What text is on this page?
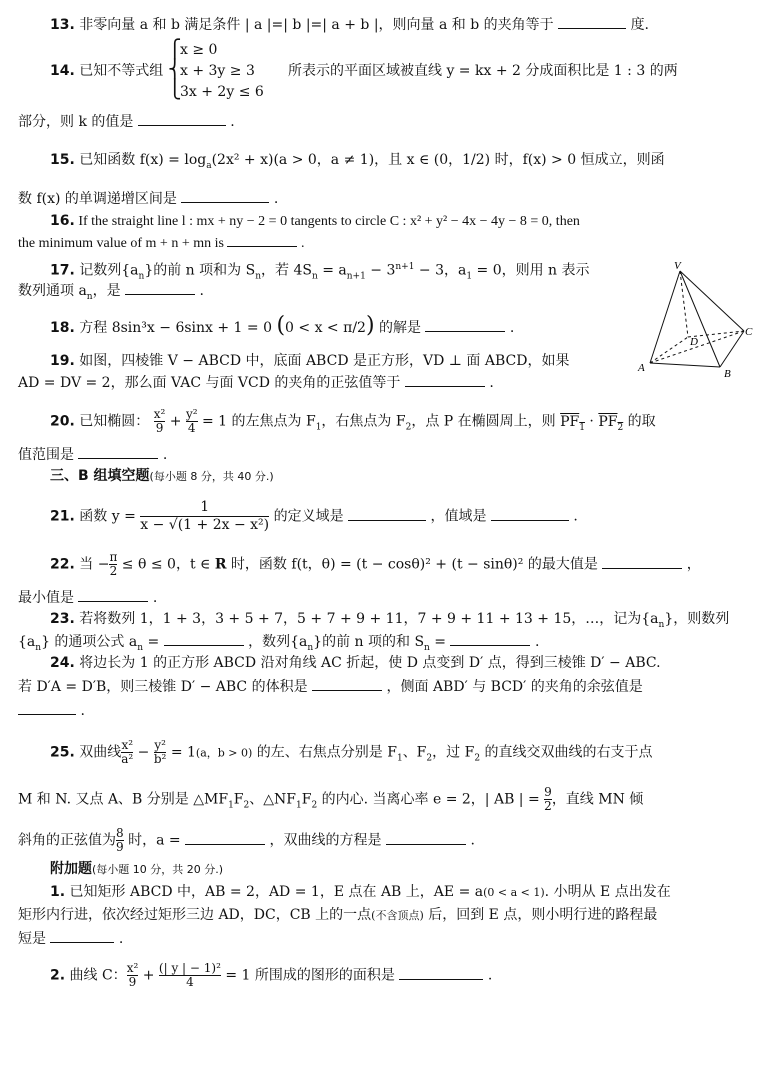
13. 非零向量 a 和 b 满足条件 | a |=| b |=| a + b |，则向量 a 和 b 的夹角等于	度.
14. 已知不等式组
⎧
⎨
⎩
x ≥ 0
x + 3y ≥ 3
3x + 2y ≤ 6
所表示的平面区域被直线 y = kx + 2 分成面积比是 1 : 3 的两
部分，则 k 的值是	.
15. 已知函数 $f(x) = \log_a(2x^2 + x)(a > 0$，a ≠ 1)，且 x ∈ (0，1/2) 时，f(x) > 0 恒成立，则函
数 f(x) 的单调递增区间是	.
16. If the straight line l : mx + ny − 2 = 0 tangents to circle C : x² + y² − 4x − 4y − 8 = 0, then
the minimum value of m + n + mn is	.
17. 记数列$\{a_n\}$的前 n 项和为 $S_n$，若 $4S_n = a_{n+1} - 3^{n+1} - 3$，$a_1 = 0$，则用 n 表示
数列通项 $a_n$，是	.
18. 方程 8sin³x − 6sinx + 1 = 0 (0 < x < π/2) 的解是	.
19. 如图，四棱锥 V − ABCD 中，底面 ABCD 是正方形，VD ⊥ 面 ABCD，如果
AD = DV = 2，那么面 VAC 与面 VCD 的夹角的正弦值等于	.
V
D
C
A	B
20. 已知椭圆： $\frac{\text{x²}}{9} + \frac{\text{y²}}{4} = 1$ 的左焦点为 $F_1$，右焦点为 $F_2$，点 P 在椭圆周上，则 $PF_1 \cdot PF_2$ 的取
值范围是	.
三、B 组填空题(每小题 8 分，共 40 分.)
21. 函数 $y = \frac{1}{\text{x − √(1 + 2x − x²)}}$ 的定义域是	，值域是	.
22. 当 − $\frac{\pi}{2} \le \theta \le 0$，t ∈ R 时，函数 f(t，θ) = (t − cosθ)² + (t − sinθ)² 的最大值是	，
最小值是	.
23. 若将数列 1，1 + 3，3 + 5 + 7，5 + 7 + 9 + 11，7 + 9 + 11 + 13 + 15，…，记为$\{a_n\}$，则数列
$\{a_n\}$ 的通项公式 $a_n$ =	，数列$\{a_n\}$的前 n 项的和 $S_n$ =	.
24. 将边长为 1 的正方形 ABCD 沿对角线 AC 折起，使 D 点变到 D′ 点，得到三棱锥 D′ − ABC.
若 D′A = D′B，则三棱锥 D′ − ABC 的体积是	，侧面 ABD′ 与 BCD′ 的夹角的余弦值是
.
25. 双曲线 $\frac{\text{x²}}{\text{a²}} - \frac{\text{y²}}{\text{b²}} = 1(a$，b > 0) 的左、右焦点分别是 $F_1$、$F_2$，过 $F_2$ 的直线交双曲线的右支于点
M 和 N. 又点 A、B 分别是 $\triangle MF_1F_2$、$\triangle NF_1F_2$ 的内心. 当离心率 e = 2，| AB | = $\frac{9}{2}$ ，直线 MN 倾
斜角的正弦值为 $\frac{8}{9}$ 时，a =	，双曲线的方程是	.
附加题(每小题 10 分，共 20 分.)
1. 已知矩形 ABCD 中，AB = 2，AD = 1，E 点在 AB 上，AE = a(0 < a < 1). 小明从 E 点出发在
矩形内行进，依次经过矩形三边 AD，DC，CB 上的一点(不含顶点) 后，回到 E 点，则小明行进的路程最
短是	.
2. 曲线 C： $\frac{\text{x²}}{9} + \frac{\text{(| y | − 1)²}}{4} = 1$ 所围成的图形的面积是	.
